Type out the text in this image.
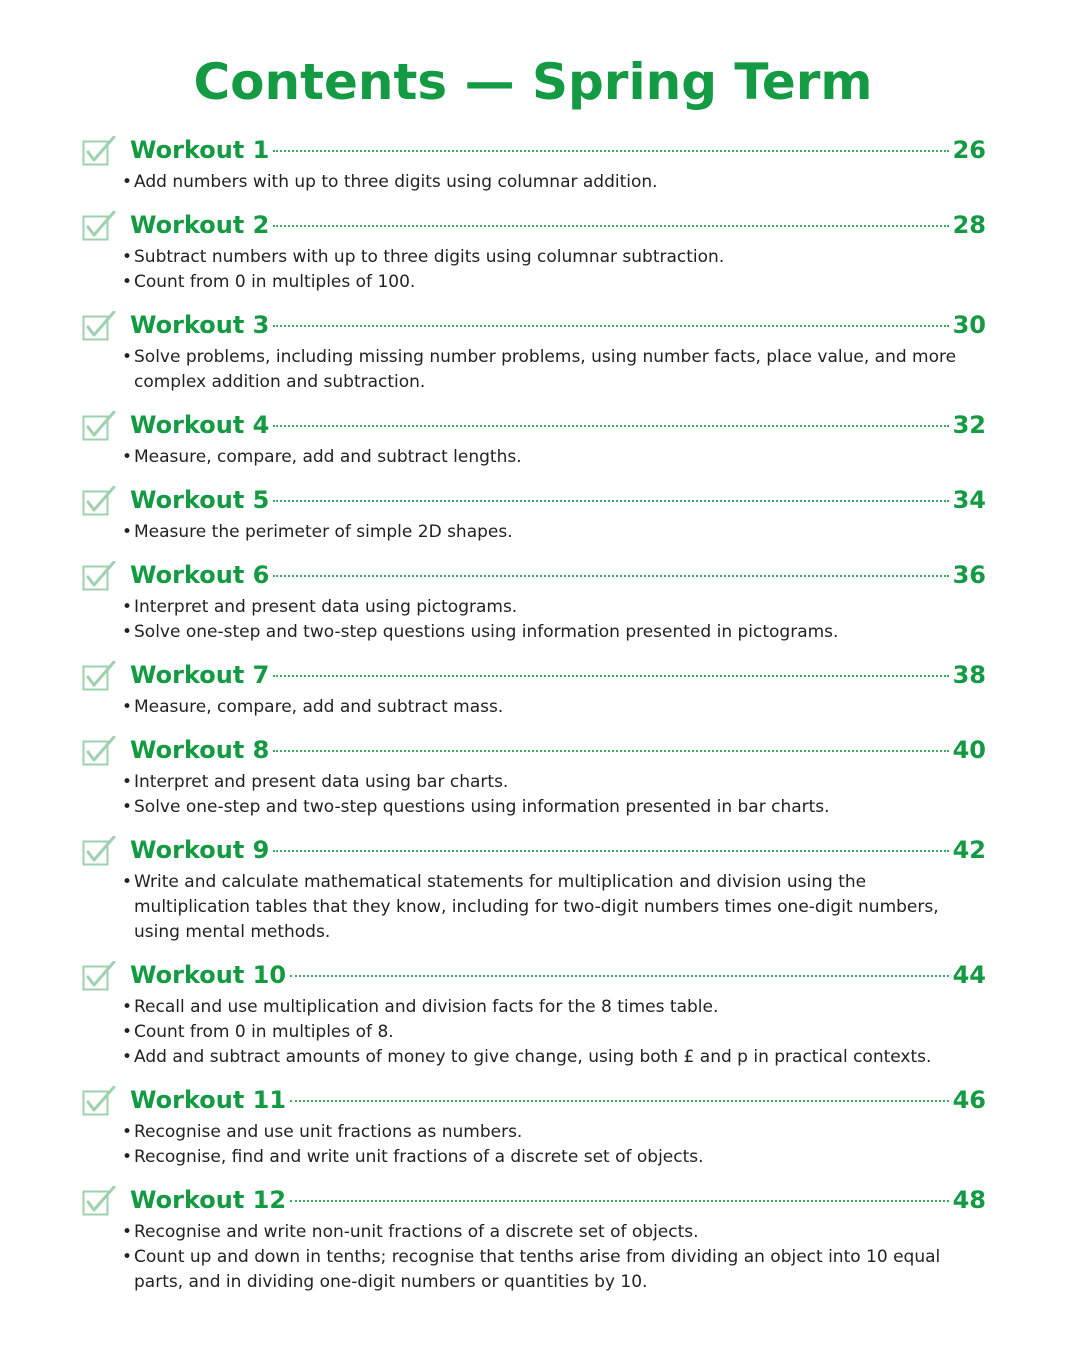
Contents — Spring Term
Workout 1	26
• Add numbers with up to three digits using columnar addition.
Workout 2	28
• Subtract numbers with up to three digits using columnar subtraction.
• Count from 0 in multiples of 100.
Workout 3	30
• Solve problems, including missing number problems, using number facts, place value, and more complex addition and subtraction.
Workout 4	32
• Measure, compare, add and subtract lengths.
Workout 5	34
• Measure the perimeter of simple 2D shapes.
Workout 6	36
• Interpret and present data using pictograms.
• Solve one-step and two-step questions using information presented in pictograms.
Workout 7	38
• Measure, compare, add and subtract mass.
Workout 8	40
• Interpret and present data using bar charts.
• Solve one-step and two-step questions using information presented in bar charts.
Workout 9	42
• Write and calculate mathematical statements for multiplication and division using the multiplication tables that they know, including for two-digit numbers times one-digit numbers, using mental methods.
Workout 10	44
• Recall and use multiplication and division facts for the 8 times table.
• Count from 0 in multiples of 8.
• Add and subtract amounts of money to give change, using both £ and p in practical contexts.
Workout 11	46
• Recognise and use unit fractions as numbers.
• Recognise, find and write unit fractions of a discrete set of objects.
Workout 12	48
• Recognise and write non-unit fractions of a discrete set of objects.
• Count up and down in tenths; recognise that tenths arise from dividing an object into 10 equal parts, and in dividing one-digit numbers or quantities by 10.
